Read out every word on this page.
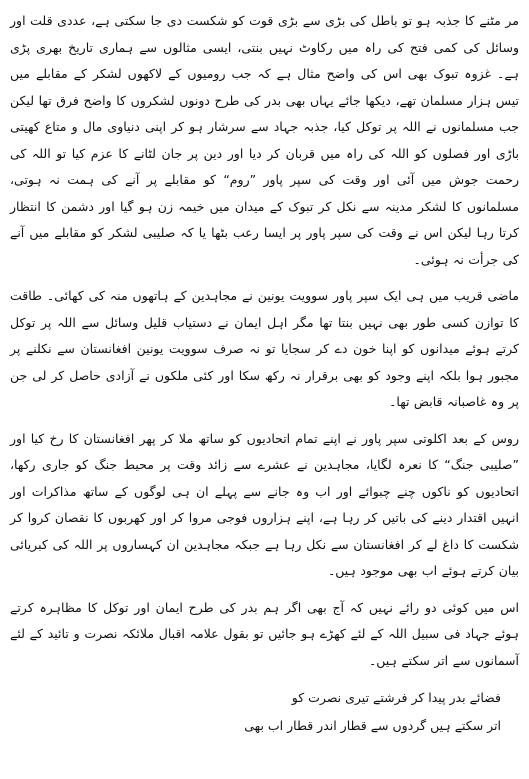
مر مٹنے کا جذبہ ہو تو باطل کی بڑی سے بڑی قوت کو شکست دی جا سکتی ہے، عددی قلت اور وسائل کی کمی فتح کی راہ میں رکاوٹ نہیں بنتی، ایسی مثالوں سے ہماری تاریخ بھری پڑی ہے۔ غزوہ تبوک بھی اس کی واضح مثال ہے کہ جب رومیوں کے لاکھوں لشکر کے مقابلے میں تیس ہزار مسلمان تھے، دیکھا جائے یہاں بھی بدر کی طرح دونوں لشکروں کا واضح فرق تھا لیکن جب مسلمانوں نے اللہ پر توکل کیا، جذبہ جہاد سے سرشار ہو کر اپنی دنیاوی مال و متاع کھیتی باڑی اور فصلوں کو اللہ کی راہ میں قربان کر دیا اور دین پر جان لٹانے کا عزم کیا تو اللہ کی رحمت جوش میں آئی اور وقت کی سپر پاور ”روم“ کو مقابلے پر آنے کی ہمت نہ ہوتی، مسلمانوں کا لشکر مدینہ سے نکل کر تبوک کے میدان میں خیمہ زن ہو گیا اور دشمن کا انتظار کرتا رہا لیکن اس نے وقت کی سپر پاور پر ایسا رعب بٹھا یا کہ صلیبی لشکر کو مقابلے میں آنے کی جرأت نہ ہوئی۔

ماضی قریب میں ہی ایک سپر پاور سوویت یونین نے مجاہدین کے ہاتھوں منہ کی کھائی۔ طاقت کا توازن کسی طور بھی نہیں بنتا تھا مگر اہل ایمان نے دستیاب قلیل وسائل سے اللہ پر توکل کرتے ہوئے میدانوں کو اپنا خون دے کر سجایا تو نہ صرف سوویت یونین افغانستان سے نکلنے پر مجبور ہوا بلکہ اپنے وجود کو بھی برقرار نہ رکھ سکا اور کئی ملکوں نے آزادی حاصل کر لی جن پر وہ غاصبانہ قابض تھا۔

روس کے بعد اکلوتی سپر پاور نے اپنے تمام اتحادیوں کو ساتھ ملا کر پھر افغانستان کا رخ کیا اور ”صلیبی جنگ“ کا نعرہ لگایا، مجاہدین نے عشرے سے زائد وقت پر محیط جنگ کو جاری رکھا، اتحادیوں کو ناکوں چنے چبوائے اور اب وہ جانے سے پہلے ان ہی لوگوں کے ساتھ مذاکرات اور انہیں اقتدار دینے کی باتیں کر رہا ہے، اپنے ہزاروں فوجی مروا کر اور کھربوں کا نقصان کروا کر شکست کا داغ لے کر افغانستان سے نکل رہا ہے جبکہ مجاہدین ان کہساروں پر اللہ کی کبریائی بیان کرتے ہوئے اب بھی موجود ہیں۔

اس میں کوئی دو رائے نہیں کہ آج بھی اگر ہم بدر کی طرح ایمان اور توکل کا مظاہرہ کرتے ہوئے جہاد فی سبیل اللہ کے لئے کھڑے ہو جائیں تو بقول علامہ اقبال ملائکہ نصرت و تائید کے لئے آسمانوں سے اتر سکتے ہیں۔

فضائے بدر پیدا کر فرشتے تیری نصرت کو

اتر سکتے ہیں گردوں سے قطار اندر قطار اب بھی
